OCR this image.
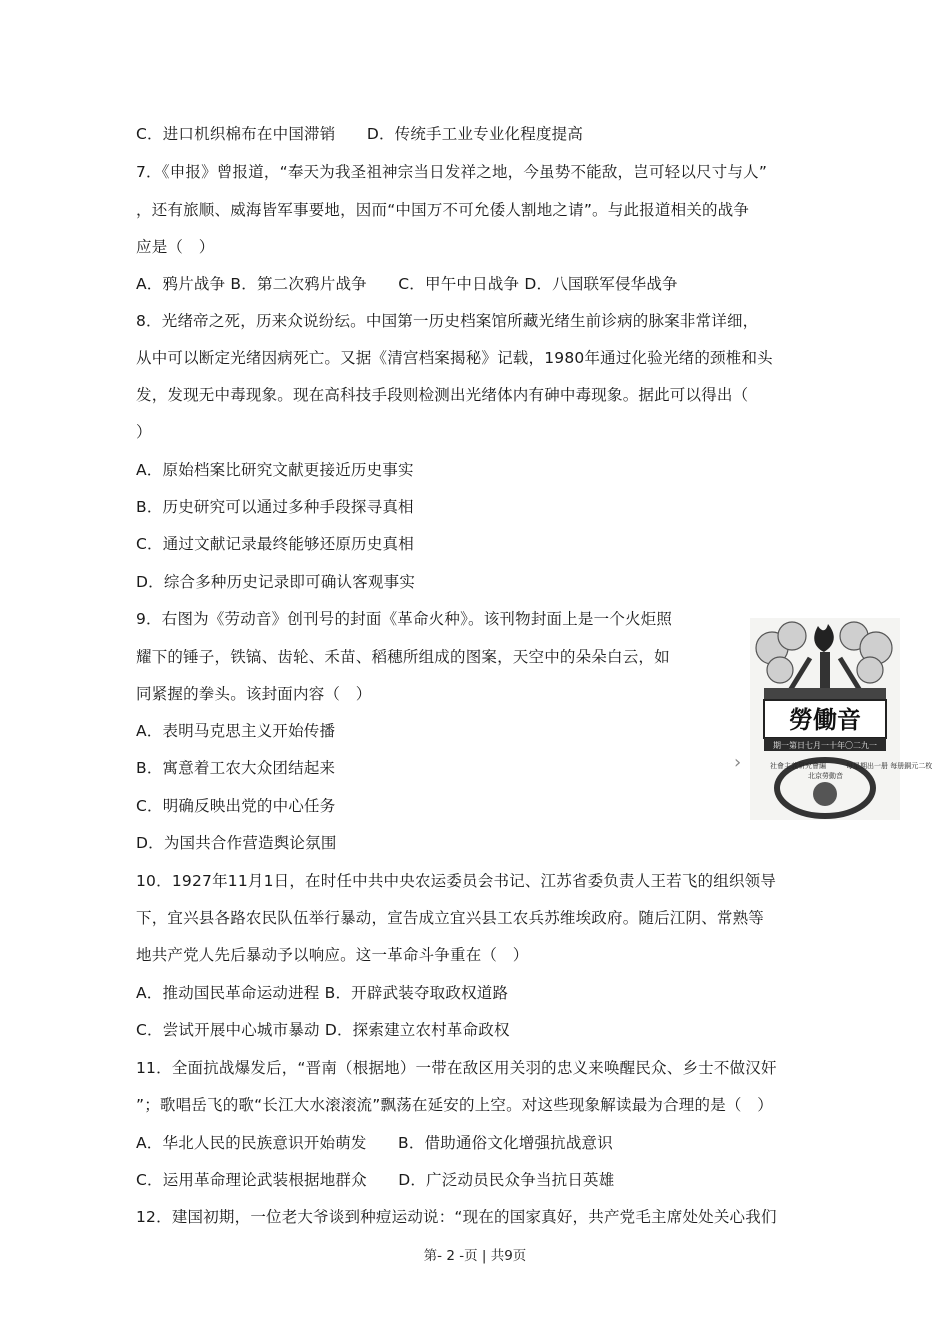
C．进口机织棉布在中国滞销　　D．传统手工业专业化程度提高
7．《申报》曾报道，“奉天为我圣祖神宗当日发祥之地，今虽势不能敌，岂可轻以尺寸与人”
，还有旅顺、威海皆军事要地，因而“中国万不可允倭人割地之请”。与此报道相关的战争
应是（　）
A．鸦片战争 B．第二次鸦片战争　　C．甲午中日战争 D．八国联军侵华战争
8．光绪帝之死，历来众说纷纭。中国第一历史档案馆所藏光绪生前诊病的脉案非常详细，
从中可以断定光绪因病死亡。又据《清宫档案揭秘》记载，1980年通过化验光绪的颈椎和头
发，发现无中毒现象。现在高科技手段则检测出光绪体内有砷中毒现象。据此可以得出（
）
A．原始档案比研究文献更接近历史事实
B．历史研究可以通过多种手段探寻真相
C．通过文献记录最终能够还原历史真相
D．综合多种历史记录即可确认客观事实
9．右图为《劳动音》创刊号的封面《革命火种》。该刊物封面上是一个火炬照
耀下的锤子，铁镐、齿轮、禾苗、稻穗所组成的图案，天空中的朵朵白云，如
同紧握的拳头。该封面内容（　）
A．表明马克思主义开始传播
B．寓意着工农大众团结起来
C．明确反映出党的中心任务
D．为国共合作营造舆论氛围
10．1927年11月1日，在时任中共中央农运委员会书记、江苏省委负责人王若飞的组织领导
下，宜兴县各路农民队伍举行暴动，宣告成立宜兴县工农兵苏维埃政府。随后江阴、常熟等
地共产党人先后暴动予以响应。这一革命斗争重在（　）
A．推动国民革命运动进程 B．开辟武装夺取政权道路
C．尝试开展中心城市暴动 D．探索建立农村革命政权
11．全面抗战爆发后，“晋南（根据地）一带在敌区用关羽的忠义来唤醒民众、乡士不做汉奸
”；歌唱岳飞的歌“长江大水滚滚流”飘荡在延安的上空。对这些现象解读最为合理的是（　）
A．华北人民的民族意识开始萌发　　B．借助通俗文化增强抗战意识
C．运用革命理论武装根据地群众　　D．广泛动员民众争当抗日英雄
12．建国初期，一位老大爷谈到种痘运动说：“现在的国家真好，共产党毛主席处处关心我们
›
勞働音
期一第日七月一十年〇二九一
社會主義研究會編
北京勞動音
每星期出一册 每册銅元二枚
第- 2 -页 | 共9页
